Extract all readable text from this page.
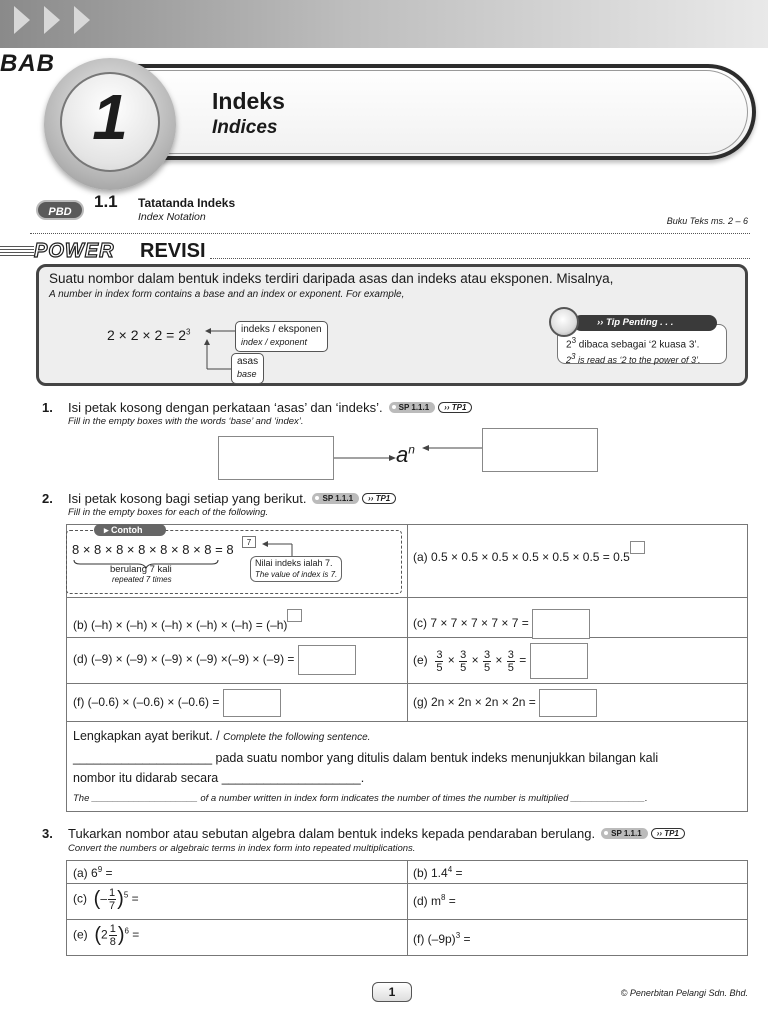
BAB
1	Indeks
Indices
PBD
1.1 Tatatanda Indeks
Index Notation	Buku Teks ms. 2 – 6
POWER REVISI
Suatu nombor dalam bentuk indeks terdiri daripada asas dan indeks atau eksponen. Misalnya,
A number in index form contains a base and an index or exponent. For example,
$2 \times 2 \times 2 = 2^3$	indeks / eksponen
index / exponent
asas
base
$2^3$ dibaca sebagai ‘2 kuasa 3’.
$2^3$ is read as ‘2 to the power of 3’.
›› Tip Penting . . .
1. Isi petak kosong dengan perkataan ‘asas’ dan ‘indeks’. SP 1.1.1 ›› TP1
Fill in the empty boxes with the words ‘base’ and ‘index’.
$a^n$
2. Isi petak kosong bagi setiap yang berikut. SP 1.1.1 ›› TP1
Fill in the empty boxes for each of the following.
(a) 0.5 × 0.5 × 0.5 × 0.5 × 0.5 × 0.5 = 0.5
(b) (–h) × (–h) × (–h) × (–h) × (–h) = (–h)	(c) 7 × 7 × 7 × 7 × 7 =
(d) (–9) × (–9) × (–9) × (–9) ×(–9) × (–9) =	$(e) \frac{3}{5} \times \frac{3}{5} \times \frac{3}{5} \times \frac{3}{5}$ =
(f) (–0.6) × (–0.6) × (–0.6) =	(g) 2n × 2n × 2n × 2n =
Lengkapkan ayat berikut. / Complete the following sentence.
____________________ pada suatu nombor yang ditulis dalam bentuk indeks menunjukkan bilangan kali
nombor itu didarab secara ____________________.
The ____________________ of a number written in index form indicates the number of times the number is multiplied ______________.
▸ Contoh
8 × 8 × 8 × 8 × 8 × 8 × 8 = 8	7
berulang 7 kali
repeated 7 times
Nilai indeks ialah 7.
The value of index is 7.
3. Tukarkan nombor atau sebutan algebra dalam bentuk indeks kepada pendaraban berulang. SP 1.1.1 ›› TP1
Convert the numbers or algebraic terms in index form into repeated multiplications.
(a) $6^9$ =	(b) $1.4^4$ =
(c) (– $\frac{1}{7} )^5$ =	(d) $m^8$ =
(e) $(2 \frac{1}{8} )^6$ =	(f) $(-9p)^3$ =
1	© Penerbitan Pelangi Sdn. Bhd.
